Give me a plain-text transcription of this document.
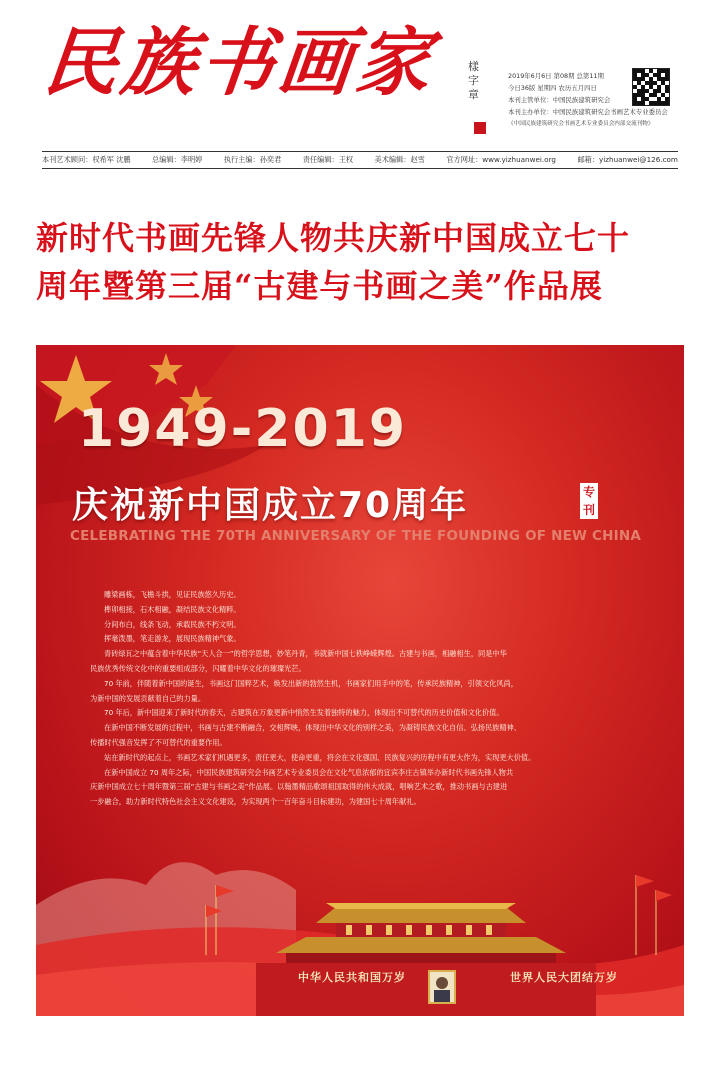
民族书画家	樣字章
2019年6月6日 第08期 总第11期
今日36版 星期四 农历五月四日
本刊主管单位：中国民族建筑研究会
本刊主办单位：中国民族建筑研究会书画艺术专业委员会
《中国民族建筑研究会书画艺术专业委员会内部交流刊物》
本刊艺术顾问：权希军 沈鹏	总编辑：李明婷	执行主编：孙奕君	责任编辑：王权	美术编辑：赵雪	官方网址：www.yizhuanwei.org	邮箱：yizhuanwei@126.com
新时代书画先锋人物共庆新中国成立七十
周年暨第三届“古建与书画之美”作品展
1949-2019
庆祝新中国成立70周年	专刊
CELEBRATING THE 70TH ANNIVERSARY OF THE FOUNDING OF NEW CHINA

雕梁画栋，飞檐斗拱，见证民族悠久历史。

榫卯相接，石木相融，凝结民族文化精粹。

分间布白，线条飞动，承载民族不朽文明。

挥毫泼墨，笔走游龙，展现民族精神气象。

青砖绿瓦之中蕴含着中华民族“天人合一”的哲学思想，妙笔丹青，书就新中国七秩峥嵘辉煌。古建与书画，相融相生，同是中华

民族优秀传统文化中的重要组成部分，闪耀着中华文化的璀璨光芒。

70 年前，伴随着新中国的诞生，书画这门国粹艺术，焕发出新的勃然生机，书画家们用手中的笔，传承民族精神，引领文化风尚，

为新中国的发展贡献着自己的力量。

70 年后，新中国迎来了新时代的春天，古建筑在万象更新中悄然生发着独特的魅力，体现出不可替代的历史价值和文化价值。

在新中国不断发展的过程中，书画与古建不断融合，交相辉映，体现出中华文化的别样之美，为凝铸民族文化自信、弘扬民族精神、

传播时代强音发挥了不可替代的重要作用。

站在新时代的起点上，书画艺术家们机遇更多，责任更大，使命更重，将会在文化强国、民族复兴的历程中有更大作为，实现更大价值。

在新中国成立 70 周年之际，中国民族建筑研究会书画艺术专业委员会在文化气息浓郁的宜宾李庄古镇举办新时代书画先锋人物共

庆新中国成立七十周年暨第三届“古建与书画之美”作品展。以翰墨精品歌颂祖国取得的伟大成就，唱响艺术之歌，推动书画与古建进

一步融合，助力新时代特色社会主义文化建设，为实现两个一百年奋斗目标建功，为建国七十周年献礼。

中华人民共和国万岁	世界人民大团结万岁
